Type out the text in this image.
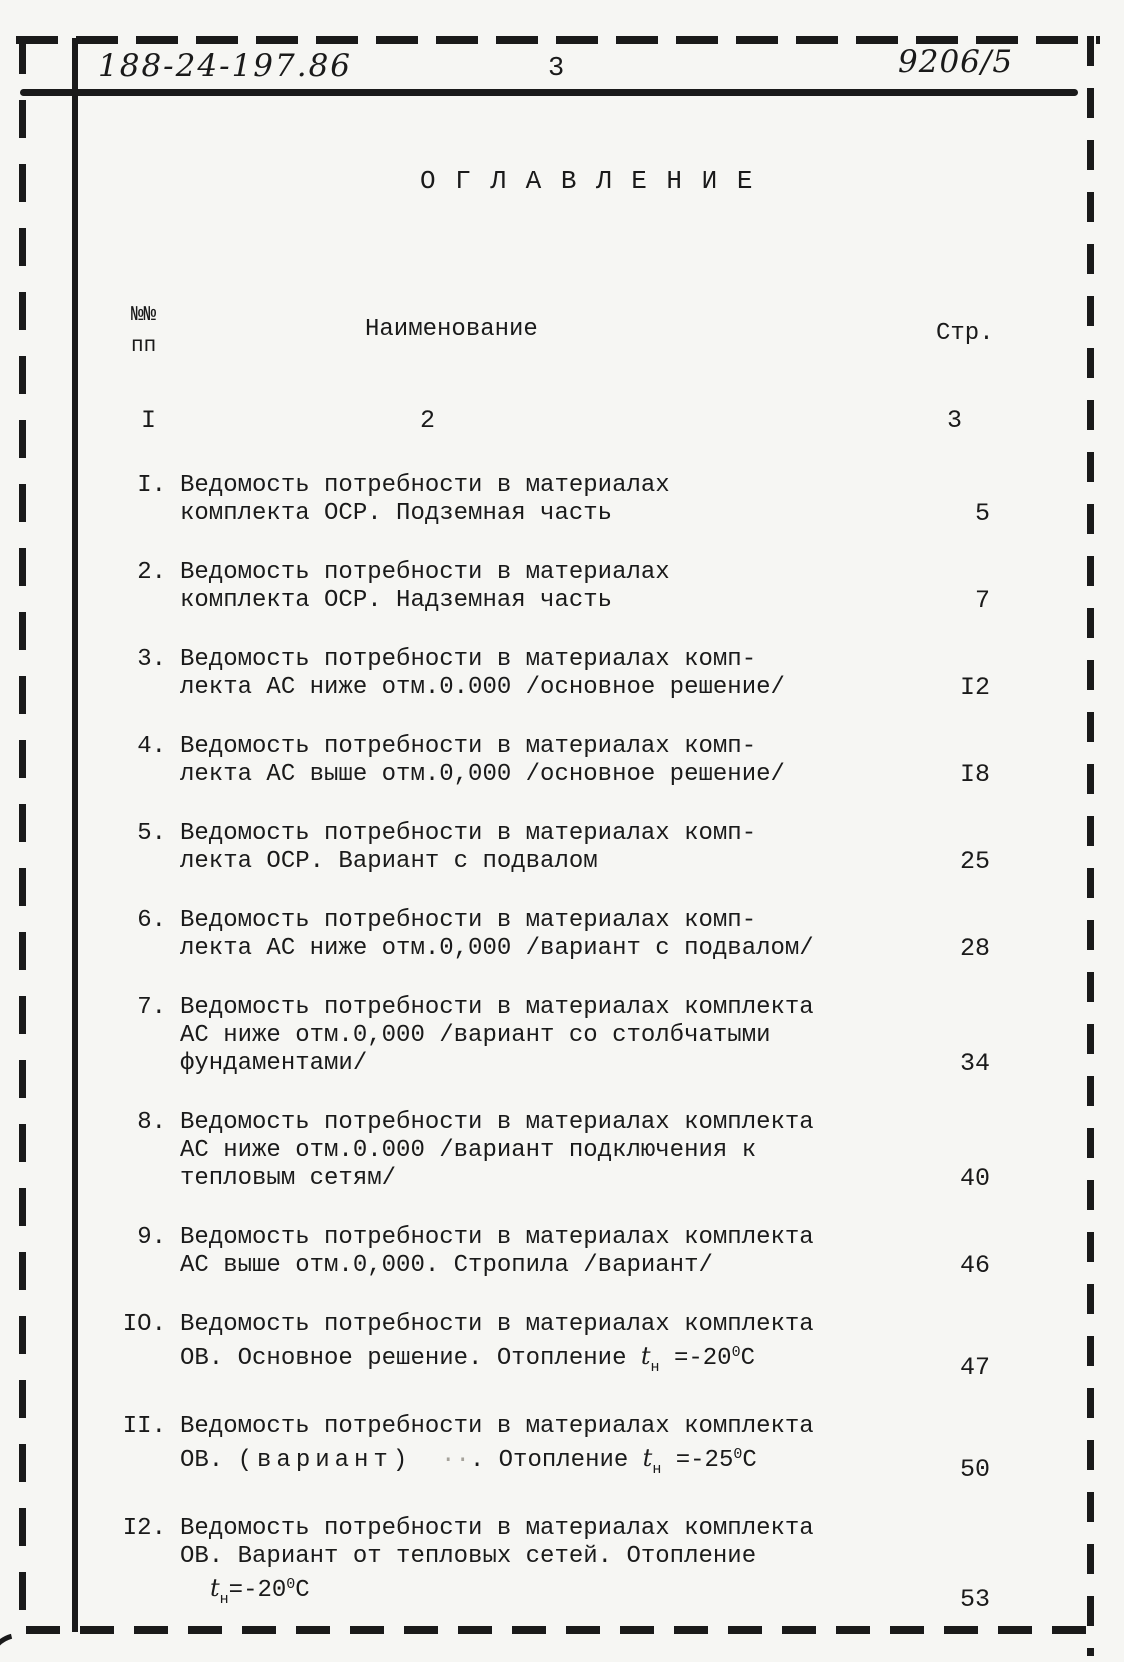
188-24-197.86	3	9206/5
О Г Л А В Л Е Н И Е
№№
пп
Наименование	Стр.
I	2	3
I. Ведомость потребности в материалах
комплекта ОСР. Подземная часть	5
2. Ведомость потребности в материалах
комплекта ОСР. Надземная часть	7
3. Ведомость потребности в материалах комп-
лекта АС ниже отм.0.000 /основное решение/	I2
4. Ведомость потребности в материалах комп-
лекта АС выше отм.0,000 /основное решение/	I8
5. Ведомость потребности в материалах комп-
лекта ОСР. Вариант с подвалом	25
6. Ведомость потребности в материалах комп-
лекта АС ниже отм.0,000 /вариант с подвалом/	28
7. Ведомость потребности в материалах комплекта
АС ниже отм.0,000 /вариант со столбчатыми
фундаментами/	34
8. Ведомость потребности в материалах комплекта
АС ниже отм.0.000 /вариант подключения к
тепловым сетям/	40
9. Ведомость потребности в материалах комплекта
АС выше отм.0,000. Стропила /вариант/	46
IO. Ведомость потребности в материалах комплекта
ОВ. Основное решение. Отопление $t_н =-20^0С$	47
II. Ведомость потребности в материалах комплекта
ОВ. (вариант)  ··. Отопление $t_н =-25^0С$	50
I2. Ведомость потребности в материалах комплекта
ОВ. Вариант от тепловых сетей. Отопление
$t_н=-20^0С$	53
